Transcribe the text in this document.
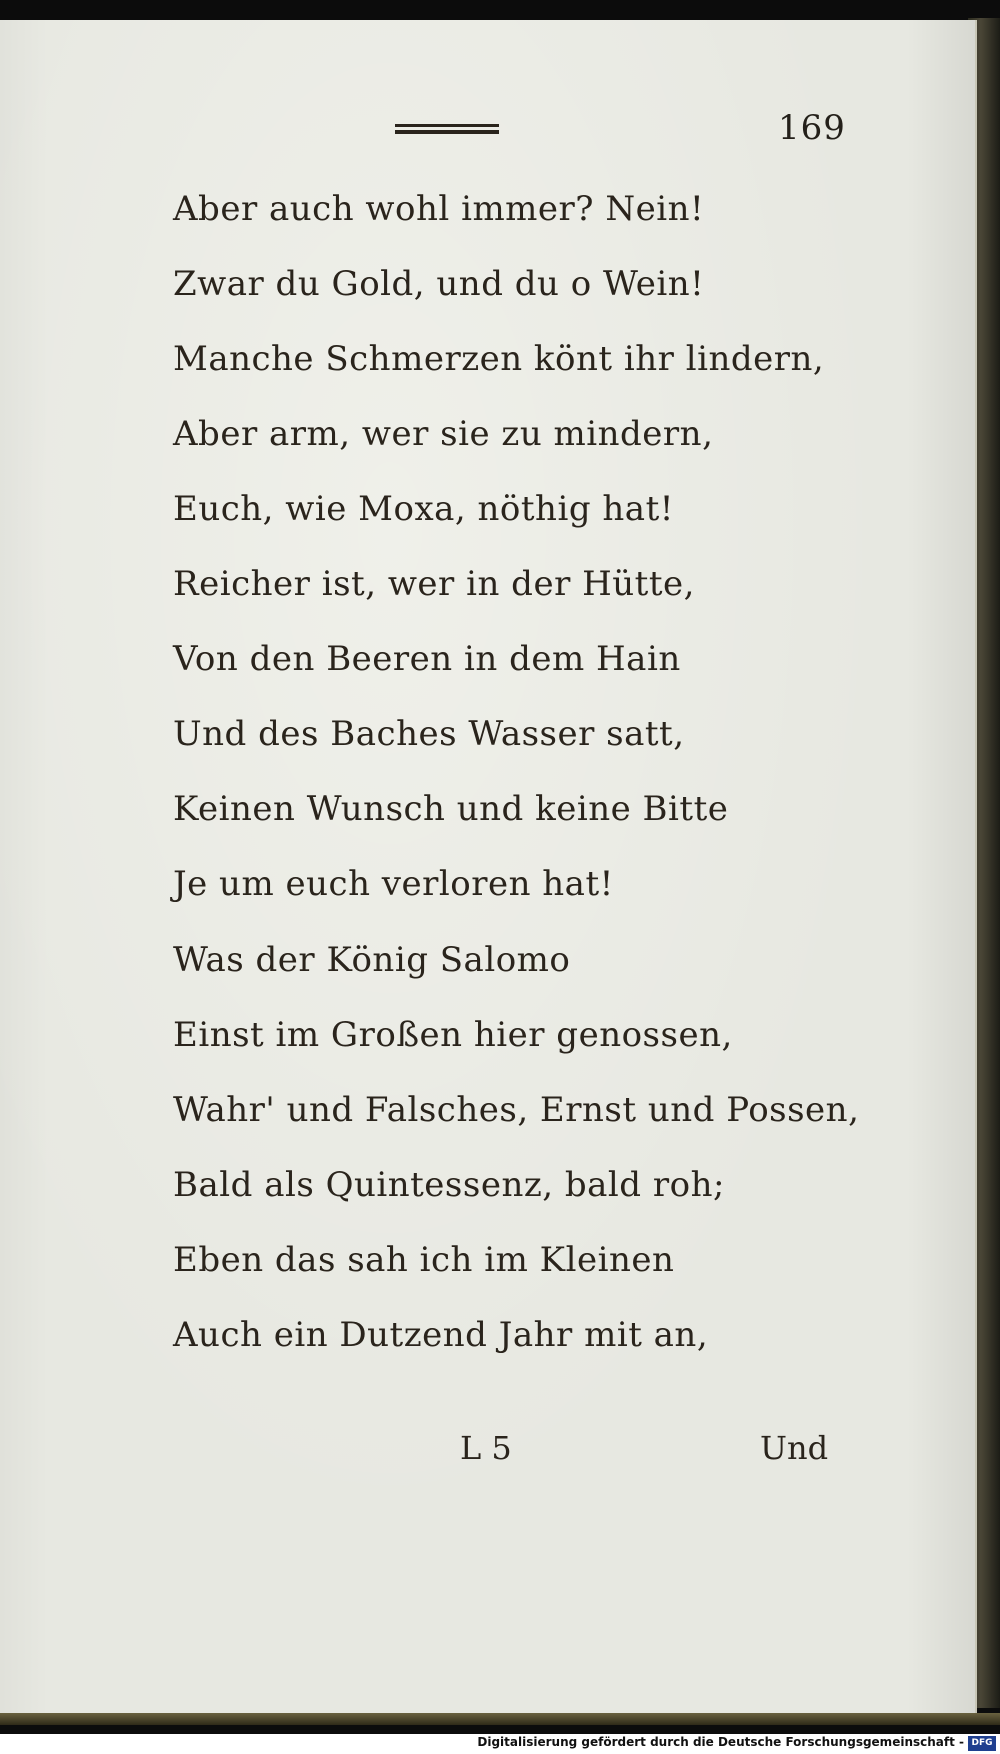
169
Aber auch wohl immer? Nein!
Zwar du Gold, und du o Wein!
Manche Schmerzen könt ihr lindern,
Aber arm, wer sie zu mindern,
Euch, wie Moxa, nöthig hat!
Reicher ist, wer in der Hütte,
Von den Beeren in dem Hain
Und des Baches Wasser satt,
Keinen Wunsch und keine Bitte
Je um euch verloren hat!
Was der König Salomo
Einst im Großen hier genossen,
Wahr' und Falsches, Ernst und Possen,
Bald als Quintessenz, bald roh;
Eben das sah ich im Kleinen
Auch ein Dutzend Jahr mit an,
L 5	Und
Digitalisierung gefördert durch die Deutsche Forschungsgemeinschaft - DFG
